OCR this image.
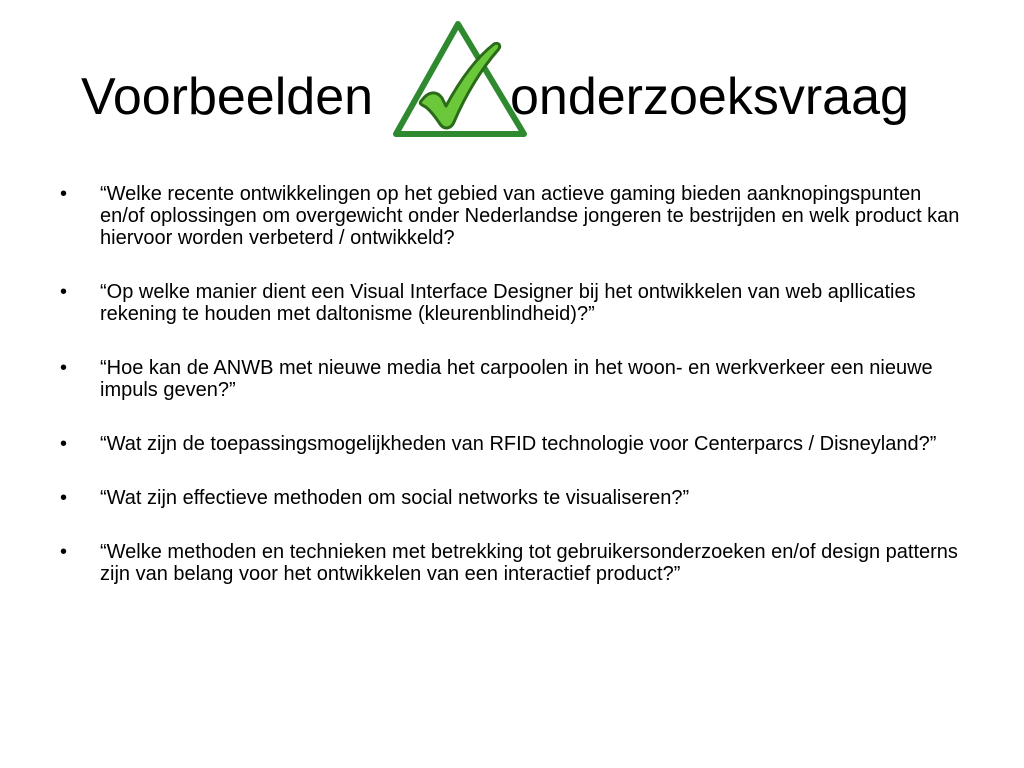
Voorbeelden	onderzoeksvraag
•	“Welke recente ontwikkelingen op het gebied van actieve gaming bieden aanknopingspunten en/of oplossingen om overgewicht onder Nederlandse jongeren te bestrijden en welk product kan hiervoor worden verbeterd / ontwikkeld?
•	“Op welke manier dient een Visual Interface Designer bij het ontwikkelen van web apllicaties rekening te houden met daltonisme (kleurenblindheid)?”
•	“Hoe kan de ANWB met nieuwe media het carpoolen in het woon- en werkverkeer een nieuwe impuls geven?”
•	“Wat zijn de toepassingsmogelijkheden van RFID technologie voor Centerparcs / Disneyland?”
•	“Wat zijn effectieve methoden om social networks te visualiseren?”
•	“Welke methoden en technieken met betrekking tot gebruikersonderzoeken en/of design patterns zijn van belang voor het ontwikkelen van een interactief product?”
